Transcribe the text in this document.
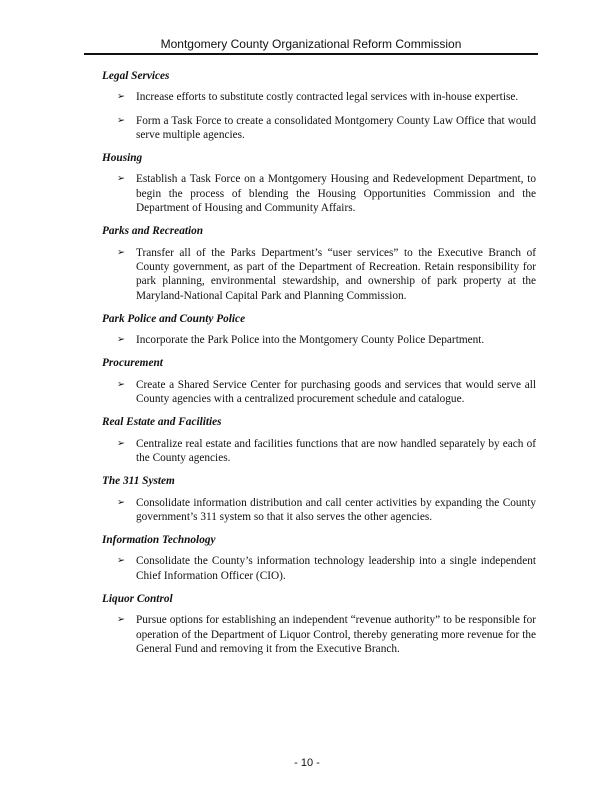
Montgomery County Organizational Reform Commission
Legal Services
➢ Increase efforts to substitute costly contracted legal services with in-house expertise.
➢ Form a Task Force to create a consolidated Montgomery County Law Office that would serve multiple agencies.
Housing
➢ Establish a Task Force on a Montgomery Housing and Redevelopment Department, to begin the process of blending the Housing Opportunities Commission and the Department of Housing and Community Affairs.
Parks and Recreation
➢ Transfer all of the Parks Department’s “user services” to the Executive Branch of County government, as part of the Department of Recreation. Retain responsibility for park planning, environmental stewardship, and ownership of park property at the Maryland-National Capital Park and Planning Commission.
Park Police and County Police
➢ Incorporate the Park Police into the Montgomery County Police Department.
Procurement
➢ Create a Shared Service Center for purchasing goods and services that would serve all County agencies with a centralized procurement schedule and catalogue.
Real Estate and Facilities
➢ Centralize real estate and facilities functions that are now handled separately by each of the County agencies.
The 311 System
➢ Consolidate information distribution and call center activities by expanding the County government’s 311 system so that it also serves the other agencies.
Information Technology
➢ Consolidate the County’s information technology leadership into a single independent Chief Information Officer (CIO).
Liquor Control
➢ Pursue options for establishing an independent “revenue authority” to be responsible for operation of the Department of Liquor Control, thereby generating more revenue for the General Fund and removing it from the Executive Branch.
- 10 -
